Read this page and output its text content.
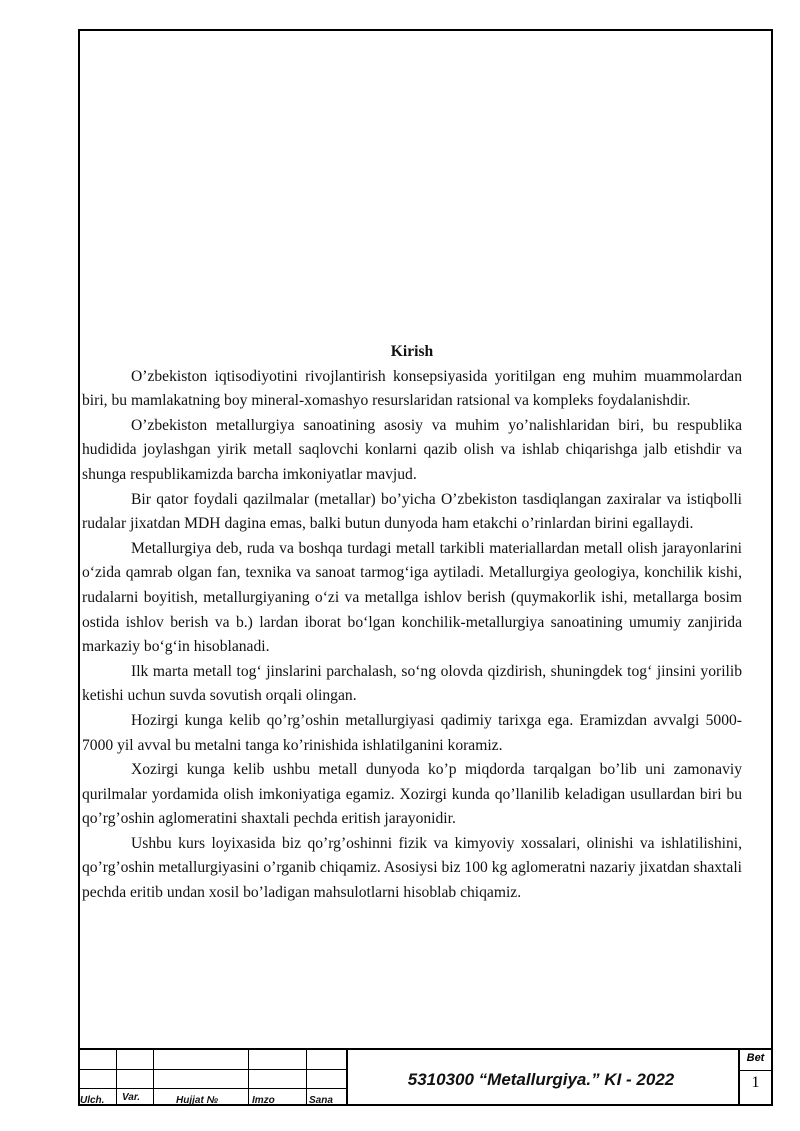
Kirish

O’zbekiston iqtisodiyotini rivojlantirish konsepsiyasida yoritilgan eng muhim muammolardan biri, bu mamlakatning boy mineral-xomashyo resurslaridan ratsional va kompleks foydalanishdir.

O’zbekiston metallurgiya sanoatining asosiy va muhim yo’nalishlaridan biri, bu respublika hudidida joylashgan yirik metall saqlovchi konlarni qazib olish va ishlab chiqarishga jalb etishdir va shunga respublikamizda barcha imkoniyatlar mavjud.

Bir qator foydali qazilmalar (metallar) bo’yicha O’zbekiston tasdiqlangan zaxiralar va istiqbolli rudalar jixatdan MDH dagina emas, balki butun dunyoda ham etakchi o’rinlardan birini egallaydi.

Metallurgiya deb, ruda va boshqa turdagi metall tarkibli materiallardan metall olish jarayonlarini o‘zida qamrab olgan fan, texnika va sanoat tarmog‘iga aytiladi. Metallurgiya geologiya, konchilik kishi, rudalarni boyitish, metallurgiyaning o‘zi va metallga ishlov berish (quymakorlik ishi, metallarga bosim ostida ishlov berish va b.) lardan iborat bo‘lgan konchilik-metallurgiya sanoatining umumiy zanjirida markaziy bo‘g‘in hisoblanadi.

Ilk marta metall tog‘ jinslarini parchalash, so‘ng olovda qizdirish, shuningdek tog‘ jinsini yorilib ketishi uchun suvda sovutish orqali olingan.

Hozirgi kunga kelib qo’rg’oshin metallurgiyasi qadimiy tarixga ega. Eramizdan avvalgi 5000-7000 yil avval bu metalni tanga ko’rinishida ishlatilganini koramiz.

Xozirgi kunga kelib ushbu metall dunyoda ko’p miqdorda tarqalgan bo’lib uni zamonaviy qurilmalar yordamida olish imkoniyatiga egamiz. Xozirgi kunda qo’llanilib keladigan usullardan biri bu qo’rg’oshin aglomeratini shaxtali pechda eritish jarayonidir.

Ushbu kurs loyixasida biz qo’rg’oshinni fizik va kimyoviy xossalari, olinishi va ishlatilishini, qo’rg’oshin metallurgiyasini o’rganib chiqamiz. Asosiysi biz 100 kg aglomeratni nazariy jixatdan shaxtali pechda eritib undan xosil bo’ladigan mahsulotlarni hisoblab chiqamiz.

Ulch. Var.	Hujjat №	Imzo	Sana
5310300 “Metallurgiya.” KI - 2022
Bet
1
